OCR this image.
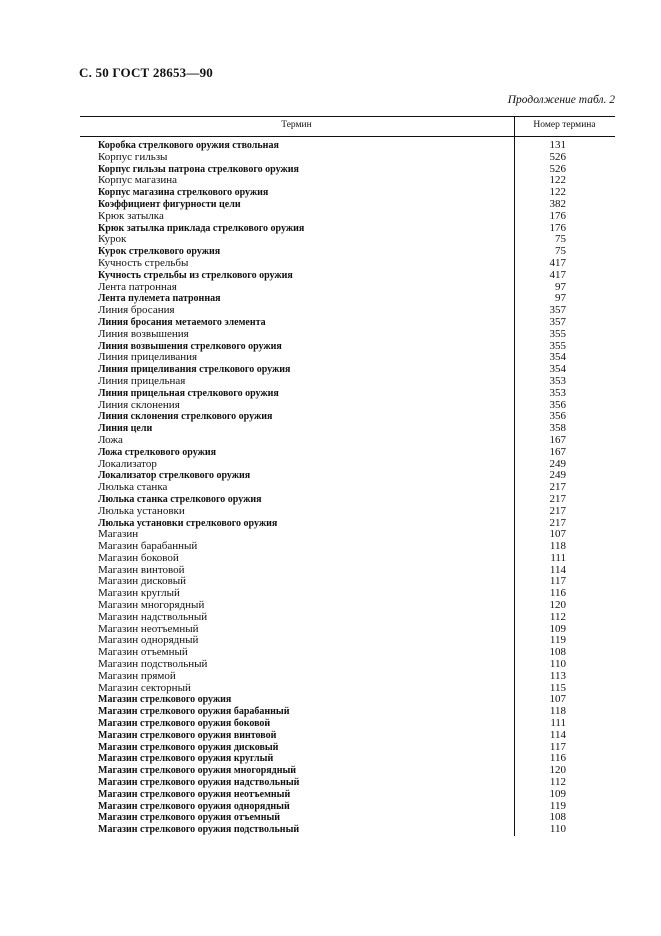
С. 50 ГОСТ 28653—90
Продолжение табл. 2
Термин	Номер термина
Коробка стрелкового оружия ствольная	131
Корпус гильзы	526
Корпус гильзы патрона стрелкового оружия	526
Корпус магазина	122
Корпус магазина стрелкового оружия	122
Коэффициент фигурности цели	382
Крюк затылка	176
Крюк затылка приклада стрелкового оружия	176
Курок	75
Курок стрелкового оружия	75
Кучность стрельбы	417
Кучность стрельбы из стрелкового оружия	417
Лента патронная	97
Лента пулемета патронная	97
Линия бросания	357
Линия бросания метаемого элемента	357
Линия возвышения	355
Линия возвышения стрелкового оружия	355
Линия прицеливания	354
Линия прицеливания стрелкового оружия	354
Линия прицельная	353
Линия прицельная стрелкового оружия	353
Линия склонения	356
Линия склонения стрелкового оружия	356
Линия цели	358
Ложа	167
Ложа стрелкового оружия	167
Локализатор	249
Локализатор стрелкового оружия	249
Люлька станка	217
Люлька станка стрелкового оружия	217
Люлька установки	217
Люлька установки стрелкового оружия	217
Магазин	107
Магазин барабанный	118
Магазин боковой	111
Магазин винтовой	114
Магазин дисковый	117
Магазин круглый	116
Магазин многорядный	120
Магазин надствольный	112
Магазин неотъемный	109
Магазин однорядный	119
Магазин отъемный	108
Магазин подствольный	110
Магазин прямой	113
Магазин секторный	115
Магазин стрелкового оружия	107
Магазин стрелкового оружия барабанный	118
Магазин стрелкового оружия боковой	111
Магазин стрелкового оружия винтовой	114
Магазин стрелкового оружия дисковый	117
Магазин стрелкового оружия круглый	116
Магазин стрелкового оружия многорядный	120
Магазин стрелкового оружия надствольный	112
Магазин стрелкового оружия неотъемный	109
Магазин стрелкового оружия однорядный	119
Магазин стрелкового оружия отъемный	108
Магазин стрелкового оружия подствольный	110
